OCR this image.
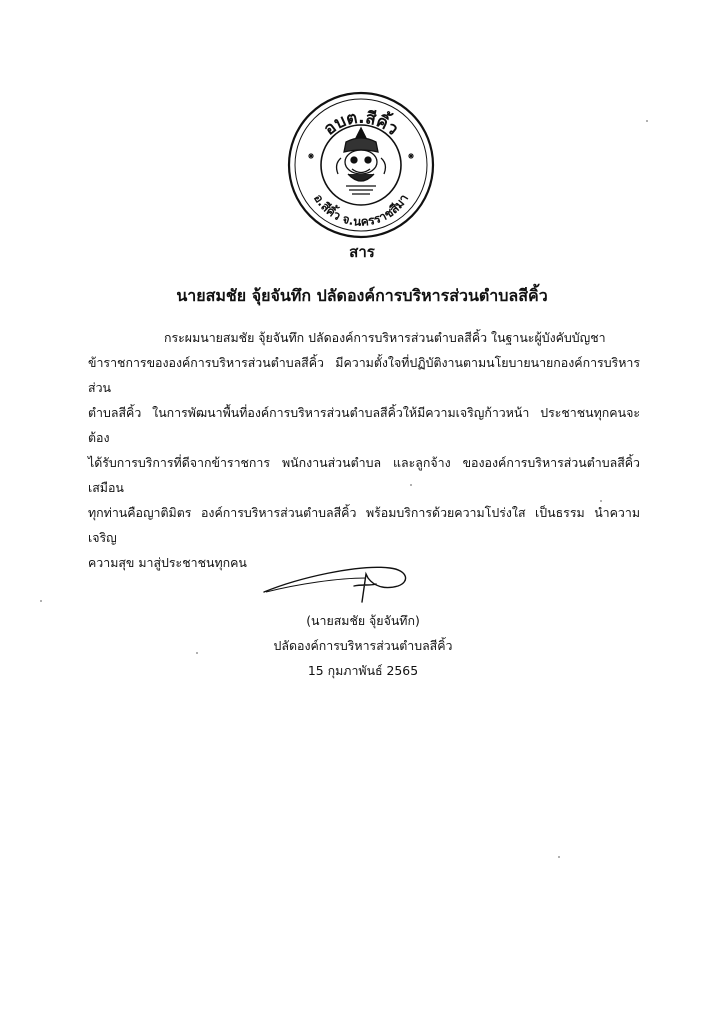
อบต.สีคิ้ว
อ.สีคิ้ว จ.นครราชสีมา
สาร
นายสมชัย จุ้ยจันทึก ปลัดองค์การบริหารส่วนตำบลสีคิ้ว

กระผมนายสมชัย จุ้ยจันทึก ปลัดองค์การบริหารส่วนตำบลสีคิ้ว ในฐานะผู้บังคับบัญชา

ข้าราชการขององค์การบริหารส่วนตำบลสีคิ้ว มีความตั้งใจที่ปฏิบัติงานตามนโยบายนายกองค์การบริหารส่วน

ตำบลสีคิ้ว ในการพัฒนาพื้นที่องค์การบริหารส่วนตำบลสีคิ้วให้มีความเจริญก้าวหน้า ประชาชนทุกคนจะต้อง

ได้รับการบริการที่ดีจากข้าราชการ พนักงานส่วนตำบล และลูกจ้าง ขององค์การบริหารส่วนตำบลสีคิ้วเสมือน

ทุกท่านคือญาติมิตร องค์การบริหารส่วนตำบลสีคิ้ว พร้อมบริการด้วยความโปร่งใส เป็นธรรม นำความเจริญ

ความสุข มาสู่ประชาชนทุกคน

(นายสมชัย จุ้ยจันทึก)
ปลัดองค์การบริหารส่วนตำบลสีคิ้ว
15 กุมภาพันธ์ 2565
